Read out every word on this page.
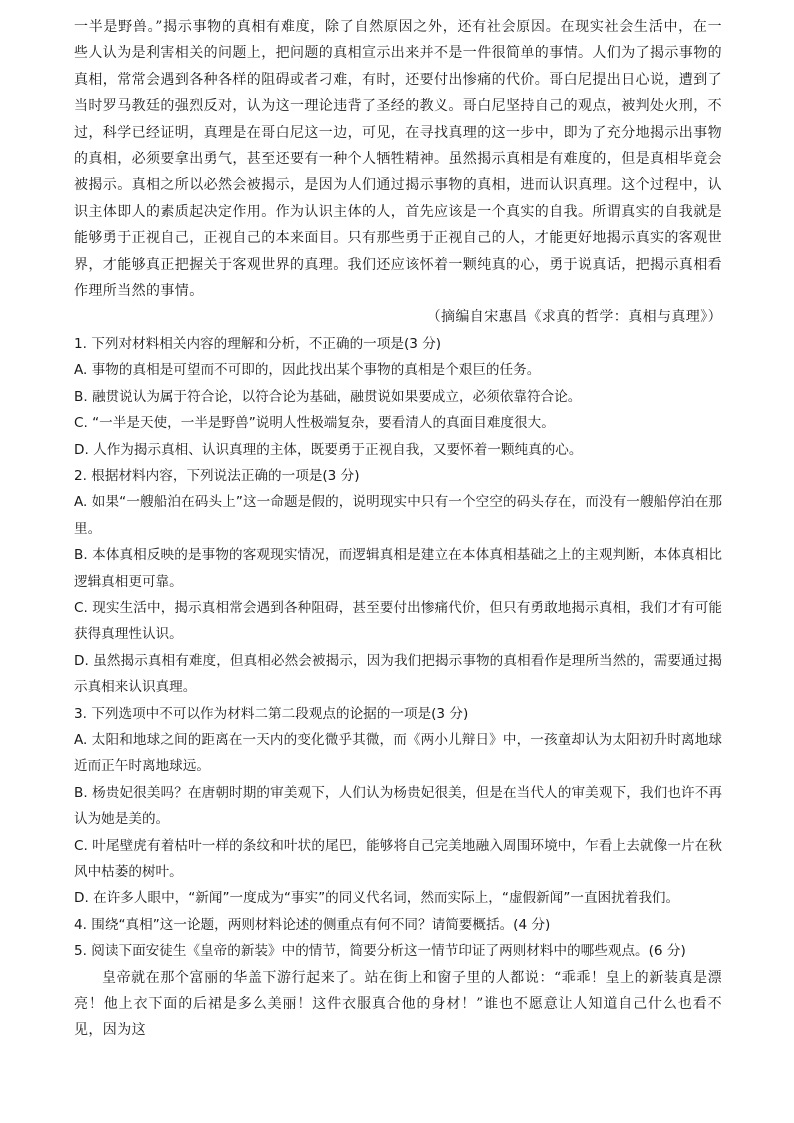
一半是野兽。”揭示事物的真相有难度，除了自然原因之外，还有社会原因。在现实社会生活中，在一些人认为是利害相关的问题上，把问题的真相宣示出来并不是一件很简单的事情。人们为了揭示事物的真相，常常会遇到各种各样的阻碍或者刁难，有时，还要付出惨痛的代价。哥白尼提出日心说，遭到了当时罗马教廷的强烈反对，认为这一理论违背了圣经的教义。哥白尼坚持自己的观点，被判处火刑，不过，科学已经证明，真理是在哥白尼这一边，可见，在寻找真理的这一步中，即为了充分地揭示出事物的真相，必须要拿出勇气，甚至还要有一种个人牺牲精神。虽然揭示真相是有难度的，但是真相毕竟会被揭示。真相之所以必然会被揭示，是因为人们通过揭示事物的真相，进而认识真理。这个过程中，认识主体即人的素质起决定作用。作为认识主体的人，首先应该是一个真实的自我。所谓真实的自我就是能够勇于正视自己，正视自己的本来面目。只有那些勇于正视自己的人，才能更好地揭示真实的客观世界，才能够真正把握关于客观世界的真理。我们还应该怀着一颗纯真的心，勇于说真话，把揭示真相看作理所当然的事情。

（摘编自宋惠昌《求真的哲学：真相与真理》）

1. 下列对材料相关内容的理解和分析，不正确的一项是(3 分)

A. 事物的真相是可望而不可即的，因此找出某个事物的真相是个艰巨的任务。

B. 融贯说认为属于符合论，以符合论为基础，融贯说如果要成立，必须依靠符合论。

C. “一半是天使，一半是野兽”说明人性极端复杂，要看清人的真面目难度很大。

D. 人作为揭示真相、认识真理的主体，既要勇于正视自我，又要怀着一颗纯真的心。

2. 根据材料内容，下列说法正确的一项是(3 分)

A. 如果“一艘船泊在码头上”这一命题是假的，说明现实中只有一个空空的码头存在，而没有一艘船停泊在那里。

B. 本体真相反映的是事物的客观现实情况，而逻辑真相是建立在本体真相基础之上的主观判断，本体真相比逻辑真相更可靠。

C. 现实生活中，揭示真相常会遇到各种阻碍，甚至要付出惨痛代价，但只有勇敢地揭示真相，我们才有可能获得真理性认识。

D. 虽然揭示真相有难度，但真相必然会被揭示，因为我们把揭示事物的真相看作是理所当然的，需要通过揭示真相来认识真理。

3. 下列选项中不可以作为材料二第二段观点的论据的一项是(3 分)

A. 太阳和地球之间的距离在一天内的变化微乎其微，而《两小儿辩日》中，一孩童却认为太阳初升时离地球近而正午时离地球远。

B. 杨贵妃很美吗？在唐朝时期的审美观下，人们认为杨贵妃很美，但是在当代人的审美观下，我们也许不再认为她是美的。

C. 叶尾壁虎有着枯叶一样的条纹和叶状的尾巴，能够将自己完美地融入周围环境中，乍看上去就像一片在秋风中枯萎的树叶。

D. 在许多人眼中，“新闻”一度成为“事实”的同义代名词，然而实际上，“虚假新闻”一直困扰着我们。

4. 围绕“真相”这一论题，两则材料论述的侧重点有何不同？请简要概括。(4 分)

5. 阅读下面安徒生《皇帝的新装》中的情节，简要分析这一情节印证了两则材料中的哪些观点。(6 分)

皇帝就在那个富丽的华盖下游行起来了。站在街上和窗子里的人都说：“乖乖！皇上的新装真是漂亮！他上衣下面的后裙是多么美丽！这件衣服真合他的身材！”谁也不愿意让人知道自己什么也看不见，因为这
